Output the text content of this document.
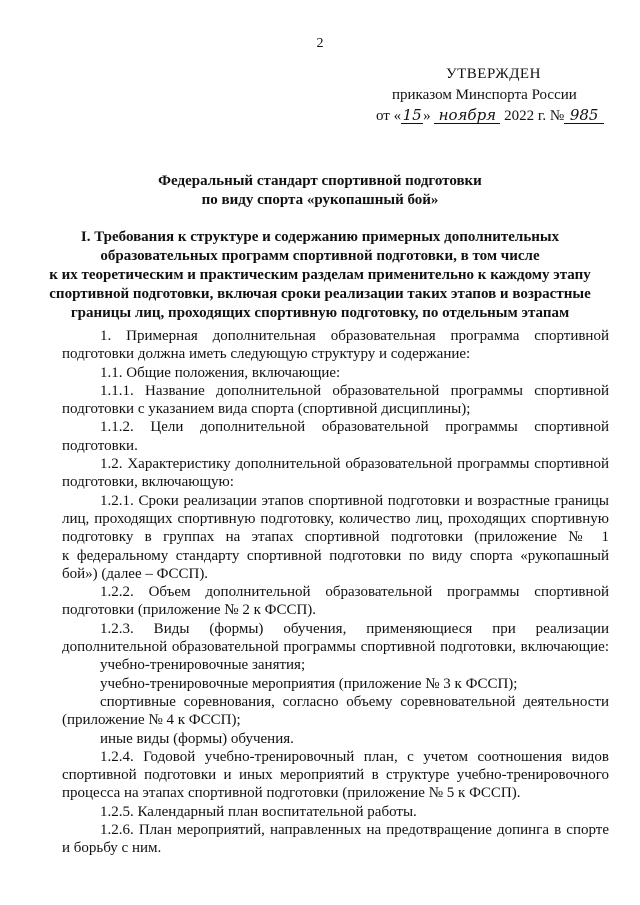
2
УТВЕРЖДЕН
приказом Минспорта России
от «15» ноября 2022 г. № 985
Федеральный стандарт спортивной подготовки
по виду спорта «рукопашный бой»
I. Требования к структуре и содержанию примерных дополнительных
образовательных программ спортивной подготовки, в том числе
к их теоретическим и практическим разделам применительно к каждому этапу
спортивной подготовки, включая сроки реализации таких этапов и возрастные
границы лиц, проходящих спортивную подготовку, по отдельным этапам
1. Примерная дополнительная образовательная программа спортивной
подготовки должна иметь следующую структуру и содержание:
1.1. Общие положения, включающие:
1.1.1. Название дополнительной образовательной программы спортивной
подготовки с указанием вида спорта (спортивной дисциплины);
1.1.2. Цели дополнительной образовательной программы спортивной
подготовки.
1.2. Характеристику дополнительной образовательной программы спортивной
подготовки, включающую:
1.2.1. Сроки реализации этапов спортивной подготовки и возрастные границы
лиц, проходящих спортивную подготовку, количество лиц, проходящих спортивную
подготовку в группах на этапах спортивной подготовки (приложение № 1
к федеральному стандарту спортивной подготовки по виду спорта «рукопашный
бой») (далее – ФССП).
1.2.2. Объем дополнительной образовательной программы спортивной
подготовки (приложение № 2 к ФССП).
1.2.3. Виды (формы) обучения, применяющиеся при реализации
дополнительной образовательной программы спортивной подготовки, включающие:
учебно-тренировочные занятия;
учебно-тренировочные мероприятия (приложение № 3 к ФССП);
спортивные соревнования, согласно объему соревновательной деятельности
(приложение № 4 к ФССП);
иные виды (формы) обучения.
1.2.4. Годовой учебно-тренировочный план, с учетом соотношения видов
спортивной подготовки и иных мероприятий в структуре учебно-тренировочного
процесса на этапах спортивной подготовки (приложение № 5 к ФССП).
1.2.5. Календарный план воспитательной работы.
1.2.6. План мероприятий, направленных на предотвращение допинга в спорте
и борьбу с ним.
